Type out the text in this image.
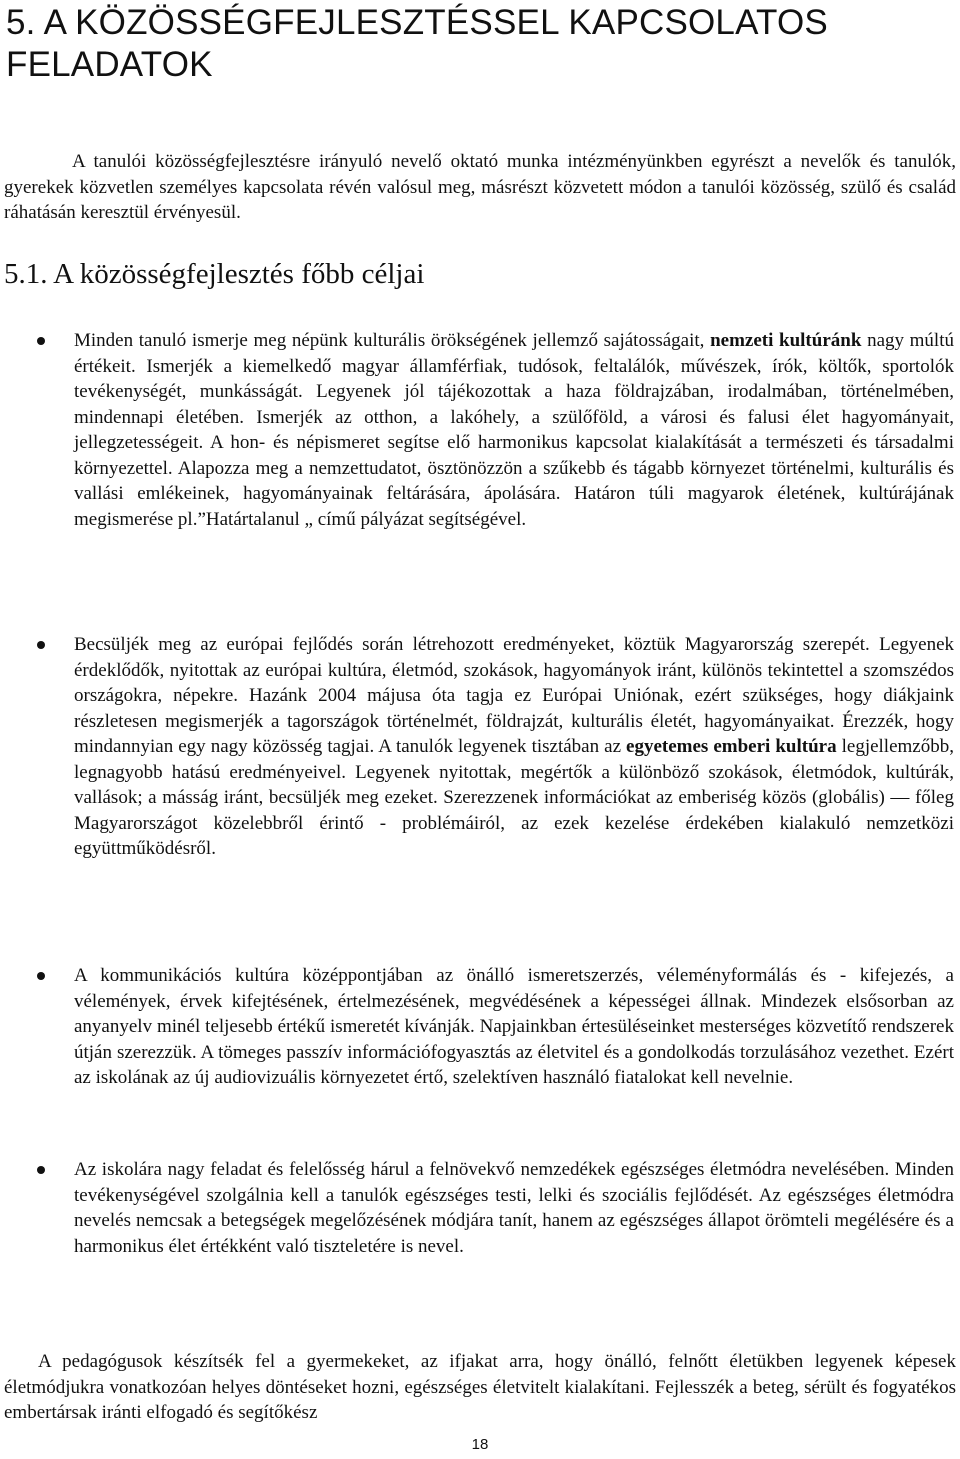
5. A KÖZÖSSÉGFEJLESZTÉSSEL KAPCSOLATOS FELADATOK

A tanulói közösségfejlesztésre irányuló nevelő oktató munka intézményünkben egyrészt a nevelők és tanulók, gyerekek közvetlen személyes kapcsolata révén valósul meg, másrészt közvetett módon a tanulói közösség, szülő és család ráhatásán keresztül érvényesül.

5.1. A közösségfejlesztés főbb céljai

Minden tanuló ismerje meg népünk kulturális örökségének jellemző sajátosságait, nemzeti kultúránk nagy múltú értékeit. Ismerjék a kiemelkedő magyar államférfiak, tudósok, feltalálók, művészek, írók, költők, sportolók tevékenységét, munkásságát. Legyenek jól tájékozottak a haza földrajzában, irodalmában, történelmében, mindennapi életében. Ismerjék az otthon, a lakóhely, a szülőföld, a városi és falusi élet hagyományait, jellegzetességeit. A hon- és népismeret segítse elő harmonikus kapcsolat kialakítását a természeti és társadalmi környezettel. Alapozza meg a nemzettudatot, ösztönözzön a szűkebb és tágabb környezet történelmi, kulturális és vallási emlékeinek, hagyományainak feltárására, ápolására. Határon túli magyarok életének, kultúrájának megismerése pl.”Határtalanul „ című pályázat segítségével.

Becsüljék meg az európai fejlődés során létrehozott eredményeket, köztük Magyarország szerepét. Legyenek érdeklődők, nyitottak az európai kultúra, életmód, szokások, hagyományok iránt, különös tekintettel a szomszédos országokra, népekre. Hazánk 2004 májusa óta tagja ez Európai Uniónak, ezért szükséges, hogy diákjaink részletesen megismerjék a tagországok történelmét, földrajzát, kulturális életét, hagyományaikat. Érezzék, hogy mindannyian egy nagy közösség tagjai. A tanulók legyenek tisztában az egyetemes emberi kultúra legjellemzőbb, legnagyobb hatású eredményeivel. Legyenek nyitottak, megértők a különböző szokások, életmódok, kultúrák, vallások; a másság iránt, becsüljék meg ezeket. Szerezzenek információkat az emberiség közös (globális) — főleg Magyarországot közelebbről érintő - problémáiról, az ezek kezelése érdekében kialakuló nemzetközi együttműködésről.

A kommunikációs kultúra középpontjában az önálló ismeretszerzés, véleményformálás és - kifejezés, a vélemények, érvek kifejtésének, értelmezésének, megvédésének a képességei állnak. Mindezek elsősorban az anyanyelv minél teljesebb értékű ismeretét kívánják. Napjainkban értesüléseinket mesterséges közvetítő rendszerek útján szerezzük. A tömeges passzív információfogyasztás az életvitel és a gondolkodás torzulásához vezethet. Ezért az iskolának az új audiovizuális környezetet értő, szelektíven használó fiatalokat kell nevelnie.

Az iskolára nagy feladat és felelősség hárul a felnövekvő nemzedékek egészséges életmódra nevelésében. Minden tevékenységével szolgálnia kell a tanulók egészséges testi, lelki és szociális fejlődését. Az egészséges életmódra nevelés nemcsak a betegségek megelőzésének módjára tanít, hanem az egészséges állapot örömteli megélésére és a harmonikus élet értékként való tiszteletére is nevel.

A pedagógusok készítsék fel a gyermekeket, az ifjakat arra, hogy önálló, felnőtt életükben legyenek képesek életmódjukra vonatkozóan helyes döntéseket hozni, egészséges életvitelt kialakítani. Fejlesszék a beteg, sérült és fogyatékos embertársak iránti elfogadó és segítőkész

18
